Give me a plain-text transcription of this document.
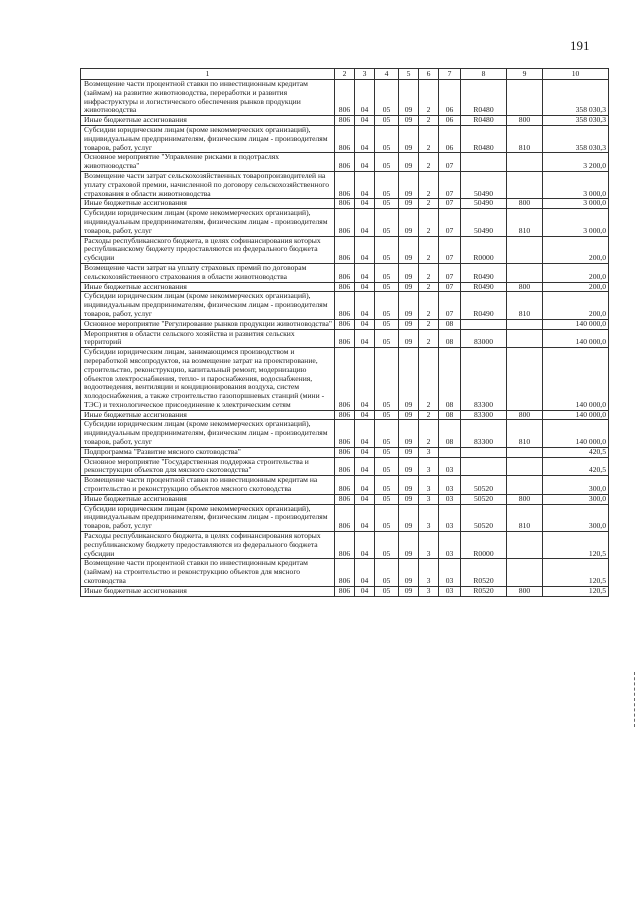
191
1	2	3	4	5	6	7	8	9	10
Возмещение части процентной ставки по инвестиционным кредитам (займам) на развитие животноводства, переработки и развития инфраструктуры и логистического обеспечения рынков продукции животноводства	806	04	05	09	2	06	R0480		358 030,3
Иные бюджетные ассигнования	806	04	05	09	2	06	R0480	800	358 030,3
Субсидии юридическим лицам (кроме некоммерческих организаций), индивидуальным предпринимателям, физическим лицам - производителям товаров, работ, услуг	806	04	05	09	2	06	R0480	810	358 030,3
Основное мероприятие "Управление рисками в подотраслях животноводства"	806	04	05	09	2	07			3 200,0
Возмещение части затрат сельскохозяйственных товаропроизводителей на уплату страховой премии, начисленной по договору сельскохозяйственного страхования в области животноводства	806	04	05	09	2	07	50490		3 000,0
Иные бюджетные ассигнования	806	04	05	09	2	07	50490	800	3 000,0
Субсидии юридическим лицам (кроме некоммерческих организаций), индивидуальным предпринимателям, физическим лицам - производителям товаров, работ, услуг	806	04	05	09	2	07	50490	810	3 000,0
Расходы республиканского бюджета, в целях софинансирования которых республиканскому бюджету предоставляются из федерального бюджета субсидии	806	04	05	09	2	07	R0000		200,0
Возмещение части затрат на уплату страховых премий по договорам сельскохозяйственного страхования в области животноводства	806	04	05	09	2	07	R0490		200,0
Иные бюджетные ассигнования	806	04	05	09	2	07	R0490	800	200,0
Субсидии юридическим лицам (кроме некоммерческих организаций), индивидуальным предпринимателям, физическим лицам - производителям товаров, работ, услуг	806	04	05	09	2	07	R0490	810	200,0
Основное мероприятие "Регулирование рынков продукции животноводства"	806	04	05	09	2	08			140 000,0
Мероприятия в области сельского хозяйства и развития сельских территорий	806	04	05	09	2	08	83000		140 000,0
Субсидии юридическим лицам, занимающимся производством и переработкой мясопродуктов, на возмещение затрат на проектирование, строительство, реконструкцию, капитальный ремонт, модернизацию объектов электроснабжения, тепло- и пароснабжения, водоснабжения, водоотведения, вентиляции и кондиционирования воздуха, систем холодоснабжения, а также строительство газопоршневых станций (мини - ТЭС) и технологическое присоединение к электрическим сетям	806	04	05	09	2	08	83300		140 000,0
Иные бюджетные ассигнования	806	04	05	09	2	08	83300	800	140 000,0
Субсидии юридическим лицам (кроме некоммерческих организаций), индивидуальным предпринимателям, физическим лицам - производителям товаров, работ, услуг	806	04	05	09	2	08	83300	810	140 000,0
Подпрограмма "Развитие мясного скотоводства"	806	04	05	09	3				420,5
Основное мероприятие "Государственная поддержка строительства и реконструкции объектов для мясного скотоводства"	806	04	05	09	3	03			420,5
Возмещение части процентной ставки по инвестиционным кредитам на строительство и реконструкцию объектов мясного скотоводства	806	04	05	09	3	03	50520		300,0
Иные бюджетные ассигнования	806	04	05	09	3	03	50520	800	300,0
Субсидии юридическим лицам (кроме некоммерческих организаций), индивидуальным предпринимателям, физическим лицам - производителям товаров, работ, услуг	806	04	05	09	3	03	50520	810	300,0
Расходы республиканского бюджета, в целях софинансирования которых республиканскому бюджету предоставляются из федерального бюджета субсидии	806	04	05	09	3	03	R0000		120,5
Возмещение части процентной ставки по инвестиционным кредитам (займам) на строительство и реконструкцию объектов для мясного скотоводства	806	04	05	09	3	03	R0520		120,5
Иные бюджетные ассигнования	806	04	05	09	3	03	R0520	800	120,5
